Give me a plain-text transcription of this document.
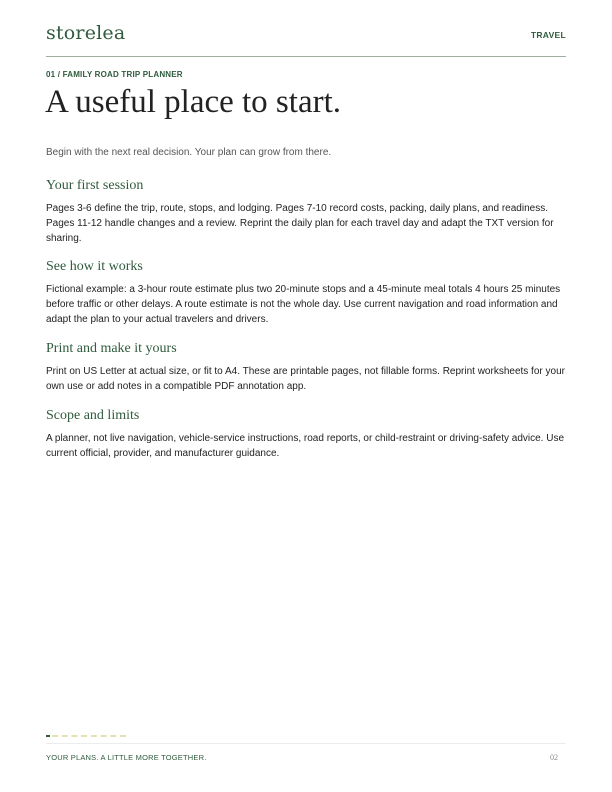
storelea	TRAVEL
01 / FAMILY ROAD TRIP PLANNER
A useful place to start.

Begin with the next real decision. Your plan can grow from there.

Your first session

Pages 3-6 define the trip, route, stops, and lodging. Pages 7-10 record costs, packing, daily plans, and readiness. Pages 11-12 handle changes and a review. Reprint the daily plan for each travel day and adapt the TXT version for sharing.

See how it works

Fictional example: a 3-hour route estimate plus two 20-minute stops and a 45-minute meal totals 4 hours 25 minutes before traffic or other delays. A route estimate is not the whole day. Use current navigation and road information and adapt the plan to your actual travelers and drivers.

Print and make it yours

Print on US Letter at actual size, or fit to A4. These are printable pages, not fillable forms. Reprint worksheets for your own use or add notes in a compatible PDF annotation app.

Scope and limits

A planner, not live navigation, vehicle-service instructions, road reports, or child-restraint or driving-safety advice. Use current official, provider, and manufacturer guidance.

YOUR PLANS. A LITTLE MORE TOGETHER.	02
